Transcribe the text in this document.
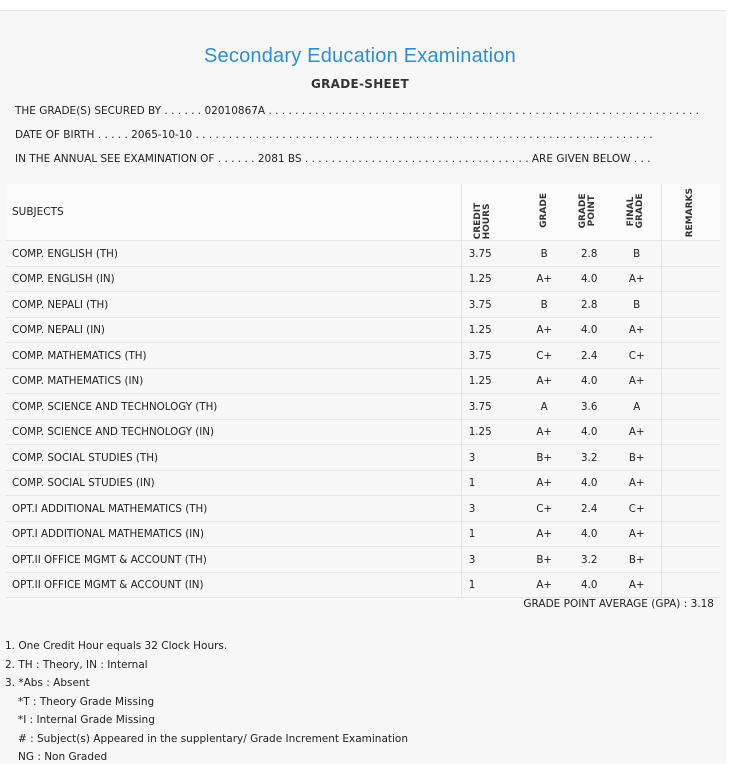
Secondary Education Examination
GRADE-SHEET
THE GRADE(S) SECURED BY . . . . . . 02010867A . . . . . . . . . . . . . . . . . . . . . . . . . . . . . . . . . . . . . . . . . . . . . . . . . . . . . . . . . . . . . . . . .
DATE OF BIRTH . . . . . 2065-10-10 . . . . . . . . . . . . . . . . . . . . . . . . . . . . . . . . . . . . . . . . . . . . . . . . . . . . . . . . . . . . . . . . . . . . .
IN THE ANNUAL SEE EXAMINATION OF . . . . . . 2081 BS . . . . . . . . . . . . . . . . . . . . . . . . . . . . . . . . . . ARE GIVEN BELOW . . .
SUBJECTS	CREDIT HOURS	GRADE	GRADE POINT	FINAL GRADE	REMARKS
COMP. ENGLISH (TH)	3.75	B	2.8	B	
COMP. ENGLISH (IN)	1.25	A+	4.0	A+	
COMP. NEPALI (TH)	3.75	B	2.8	B	
COMP. NEPALI (IN)	1.25	A+	4.0	A+	
COMP. MATHEMATICS (TH)	3.75	C+	2.4	C+	
COMP. MATHEMATICS (IN)	1.25	A+	4.0	A+	
COMP. SCIENCE AND TECHNOLOGY (TH)	3.75	A	3.6	A	
COMP. SCIENCE AND TECHNOLOGY (IN)	1.25	A+	4.0	A+	
COMP. SOCIAL STUDIES (TH)	3	B+	3.2	B+	
COMP. SOCIAL STUDIES (IN)	1	A+	4.0	A+	
OPT.I ADDITIONAL MATHEMATICS (TH)	3	C+	2.4	C+	
OPT.I ADDITIONAL MATHEMATICS (IN)	1	A+	4.0	A+	
OPT.II OFFICE MGMT & ACCOUNT (TH)	3	B+	3.2	B+	
OPT.II OFFICE MGMT & ACCOUNT (IN)	1	A+	4.0	A+	
GRADE POINT AVERAGE (GPA) : 3.18
1. One Credit Hour equals 32 Clock Hours.
2. TH : Theory, IN : Internal
3. *Abs : Absent
*T : Theory Grade Missing
*I : Internal Grade Missing
# : Subject(s) Appeared in the supplentary/ Grade Increment Examination
NG : Non Graded
